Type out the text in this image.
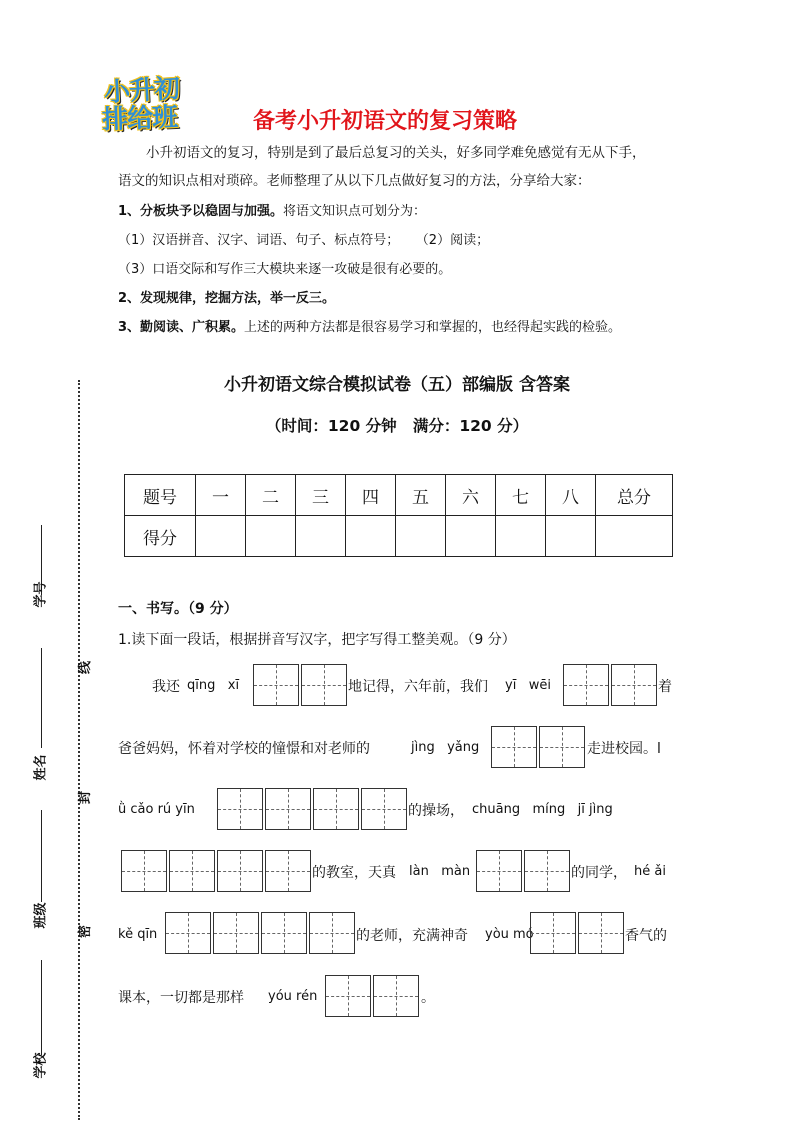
小升初
排给班	备考小升初语文的复习策略
小升初语文的复习，特别是到了最后总复习的关头，好多同学难免感觉有无从下手，
语文的知识点相对琐碎。老师整理了从以下几点做好复习的方法，分享给大家：
1、分板块予以稳固与加强。将语文知识点可划分为：
（1）汉语拼音、汉字、词语、句子、标点符号；    （2）阅读；
（3）口语交际和写作三大模块来逐一攻破是很有必要的。
2、发现规律，挖掘方法，举一反三。
3、勤阅读、广积累。上述的两种方法都是很容易学习和掌握的，也经得起实践的检验。
小升初语文综合模拟试卷（五）部编版 含答案
（时间：120 分钟   满分：120 分）
题号	一	二	三	四	五	六	七	八	总分
得分									
一、书写。（9 分）
1.读下面一段话，根据拼音写汉字，把字写得工整美观。（9 分）
我还 qīng   xī	地记得，六年前，我们 yī   wēi	着
爸爸妈妈，怀着对学校的憧憬和对老师的	jìng   yǎng	走进校园。l
ǜ cǎo rú yīn	的操场， chuāng   míng   jī jìng
的教室，天真 làn   màn	的同学， hé ǎi
kě qīn	的老师，充满神奇 yòu mó	香气的
课本，一切都是那样 yóu rén	。
学号
姓名
班级
学校
线
封
密
